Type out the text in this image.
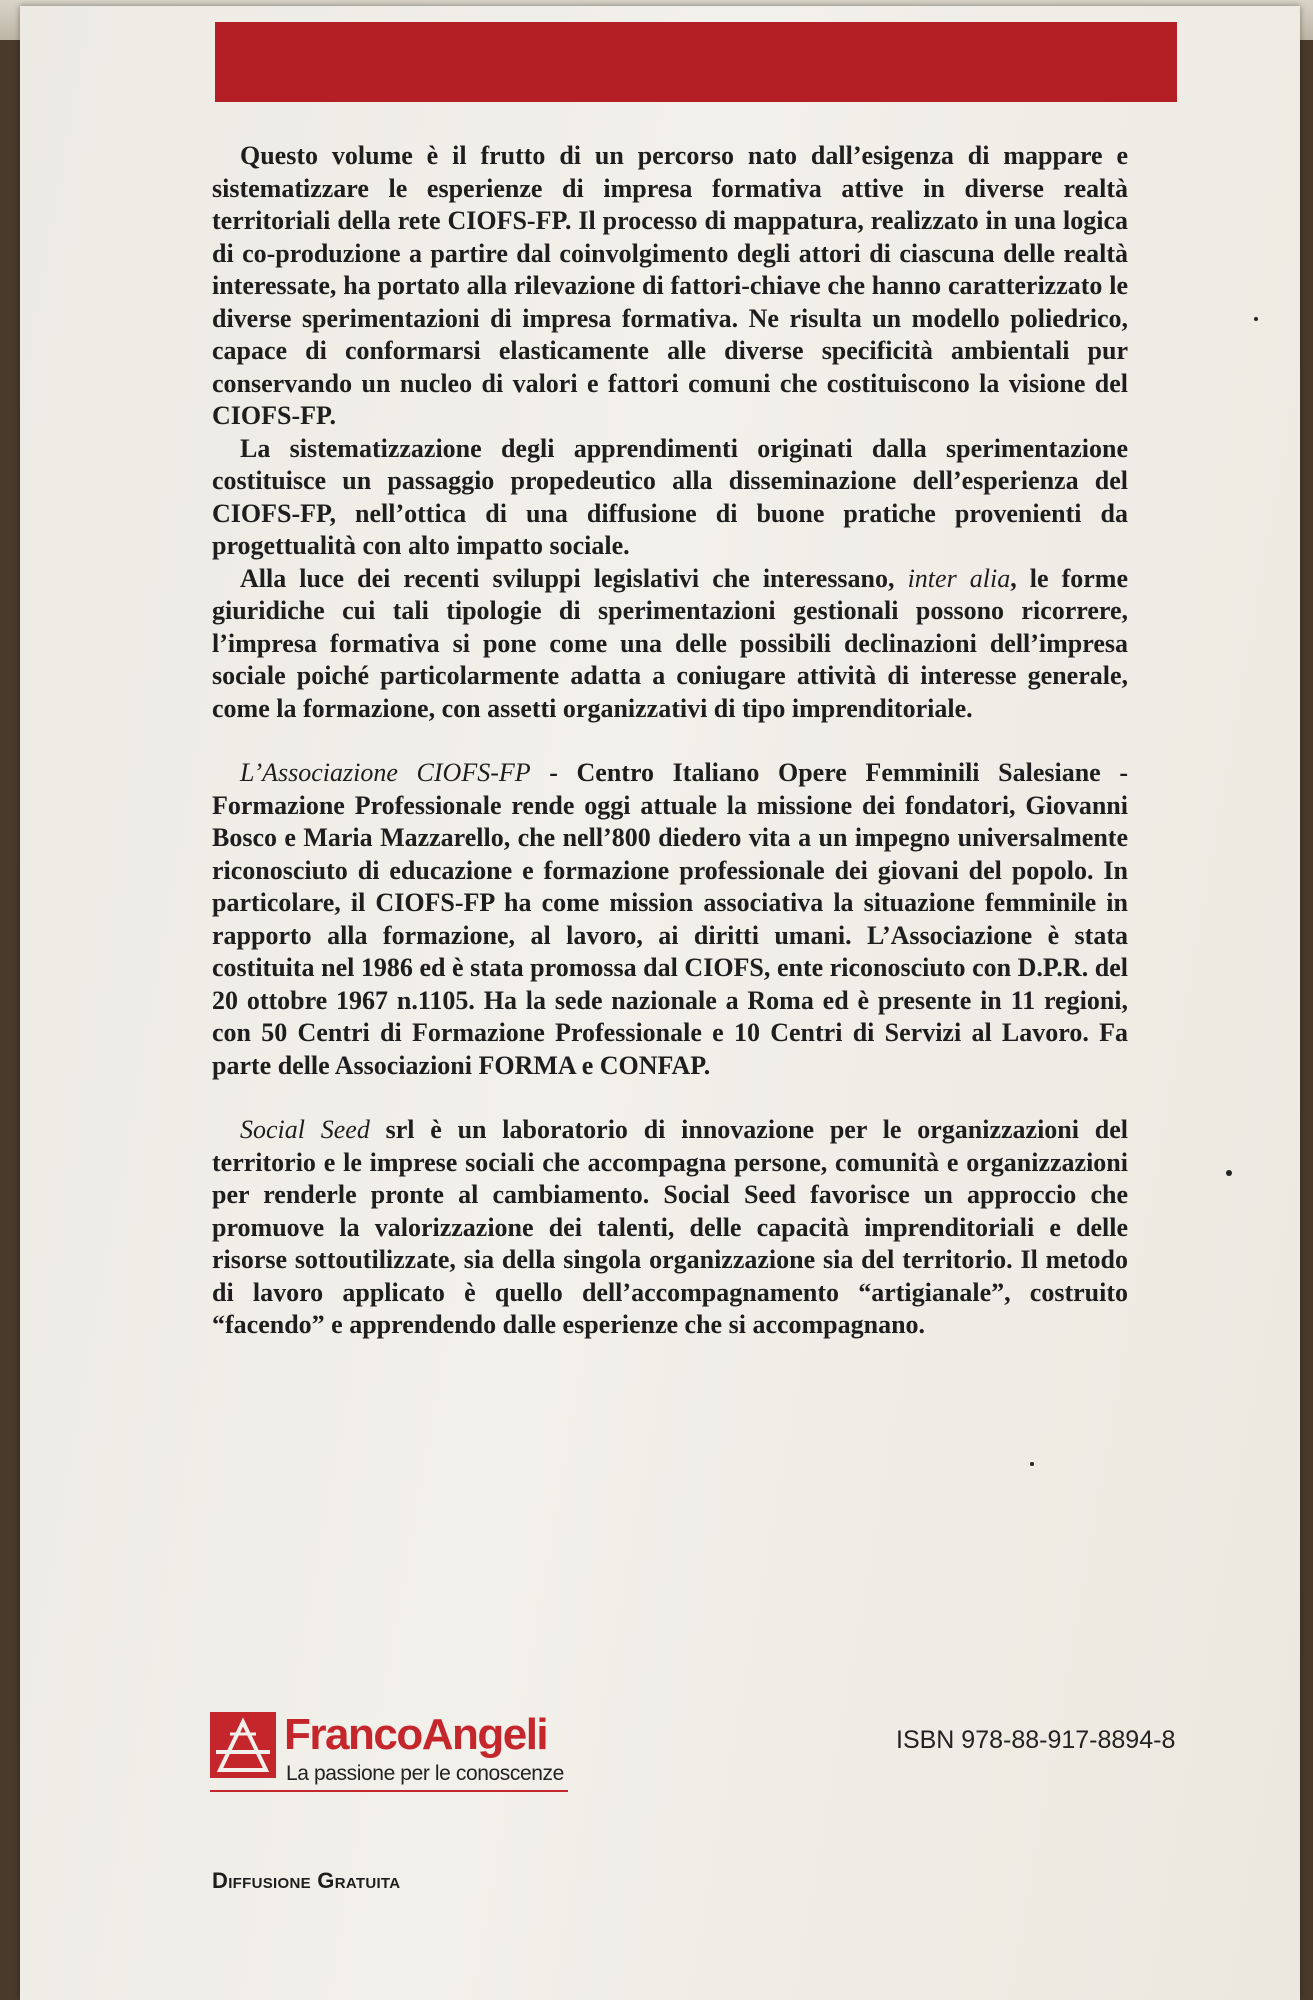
Questo volume è il frutto di un percorso nato dall’esigenza di mappare e sistematizzare le esperienze di impresa formativa attive in diverse realtà territoriali della rete CIOFS-FP. Il processo di mappatura, realizzato in una logica di co-produzione a partire dal coinvolgimento degli attori di ciascuna delle realtà interessate, ha portato alla rilevazione di fattori-chiave che hanno caratterizzato le diverse sperimentazioni di impresa formativa. Ne risulta un modello poliedrico, capace di conformarsi elasticamente alle diverse specificità ambientali pur conservando un nucleo di valori e fattori comuni che costituiscono la visione del CIOFS-FP.

La sistematizzazione degli apprendimenti originati dalla sperimentazione costituisce un passaggio propedeutico alla disseminazione dell’esperienza del CIOFS-FP, nell’ottica di una diffusione di buone pratiche provenienti da progettualità con alto impatto sociale.

Alla luce dei recenti sviluppi legislativi che interessano, inter alia, le forme giuridiche cui tali tipologie di sperimentazioni gestionali possono ricorrere, l’impresa formativa si pone come una delle possibili declinazioni dell’impresa sociale poiché particolarmente adatta a coniugare attività di interesse generale, come la formazione, con assetti organizzativi di tipo imprenditoriale.

L’Associazione CIOFS-FP - Centro Italiano Opere Femminili Salesiane - Formazione Professionale rende oggi attuale la missione dei fondatori, Giovanni Bosco e Maria Mazzarello, che nell’800 diedero vita a un impegno universalmente riconosciuto di educazione e formazione professionale dei giovani del popolo. In particolare, il CIOFS-FP ha come mission associativa la situazione femminile in rapporto alla formazione, al lavoro, ai diritti umani. L’Associazione è stata costituita nel 1986 ed è stata promossa dal CIOFS, ente riconosciuto con D.P.R. del 20 ottobre 1967 n.1105. Ha la sede nazionale a Roma ed è presente in 11 regioni, con 50 Centri di Formazione Professionale e 10 Centri di Servizi al Lavoro. Fa parte delle Associazioni FORMA e CONFAP.

Social Seed srl è un laboratorio di innovazione per le organizzazioni del territorio e le imprese sociali che accompagna persone, comunità e organizzazioni per renderle pronte al cambiamento. Social Seed favorisce un approccio che promuove la valorizzazione dei talenti, delle capacità imprenditoriali e delle risorse sottoutilizzate, sia della singola organizzazione sia del territorio. Il metodo di lavoro applicato è quello dell’accompagnamento “artigianale”, costruito “facendo” e apprendendo dalle esperienze che si accompagnano.

FrancoAngeli
La passione per le conoscenze
ISBN 978-88-917-8894-8
Diffusione Gratuita
